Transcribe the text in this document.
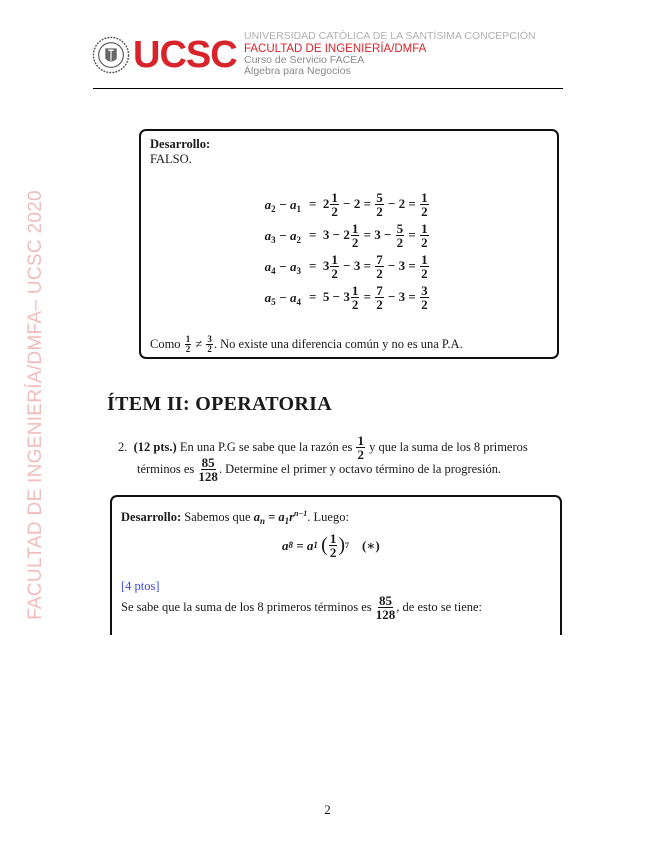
UCSC UNIVERSIDAD CATÓLICA DE LA SANTÍSIMA CONCEPCIÓN
FACULTAD DE INGENIERÍA/DMFA
Curso de Servicio FACEA
Álgebra para Negocios
FACULTAD DE INGENIERÍA/DMFA– UCSC 2020
Desarrollo:
FALSO.
$a_2 - a_1 = 2 \frac{1}{2} - 2 = \frac{5}{2} - 2 = \frac{1}{2}$
$a_3 - a_2 = 3 - 2 \frac{1}{2} = 3 - \frac{5}{2} = \frac{1}{2}$
$a_4 - a_3 = 3 \frac{1}{2} - 3 = \frac{7}{2} - 3 = \frac{1}{2}$
$a_5 - a_4 = 5 - 3 \frac{1}{2} = \frac{7}{2} - 3 = \frac{3}{2}$
Como
$\frac{1}{2} \ne \frac{3}{2}$ . No existe una diferencia común y no es una P.A.
ÍTEM II: OPERATORIA
2.
(12 pts.)
En una P.G se sabe que la razón es
$\frac{1}{2}$
y que la suma de los 8 primeros
términos es
$\frac{85}{128}$ . Determine el primer y octavo término de la progresión.
Desarrollo: Sabemos que $a_n = a_1r^{n-1}$. Luego:
a 8 = a 1
( $\frac{1}{2}$ ) 7
(∗)
[4 ptos]
Se sabe que la suma de los 8 primeros términos es
$\frac{85}{128}$ , de esto se tiene:
2
